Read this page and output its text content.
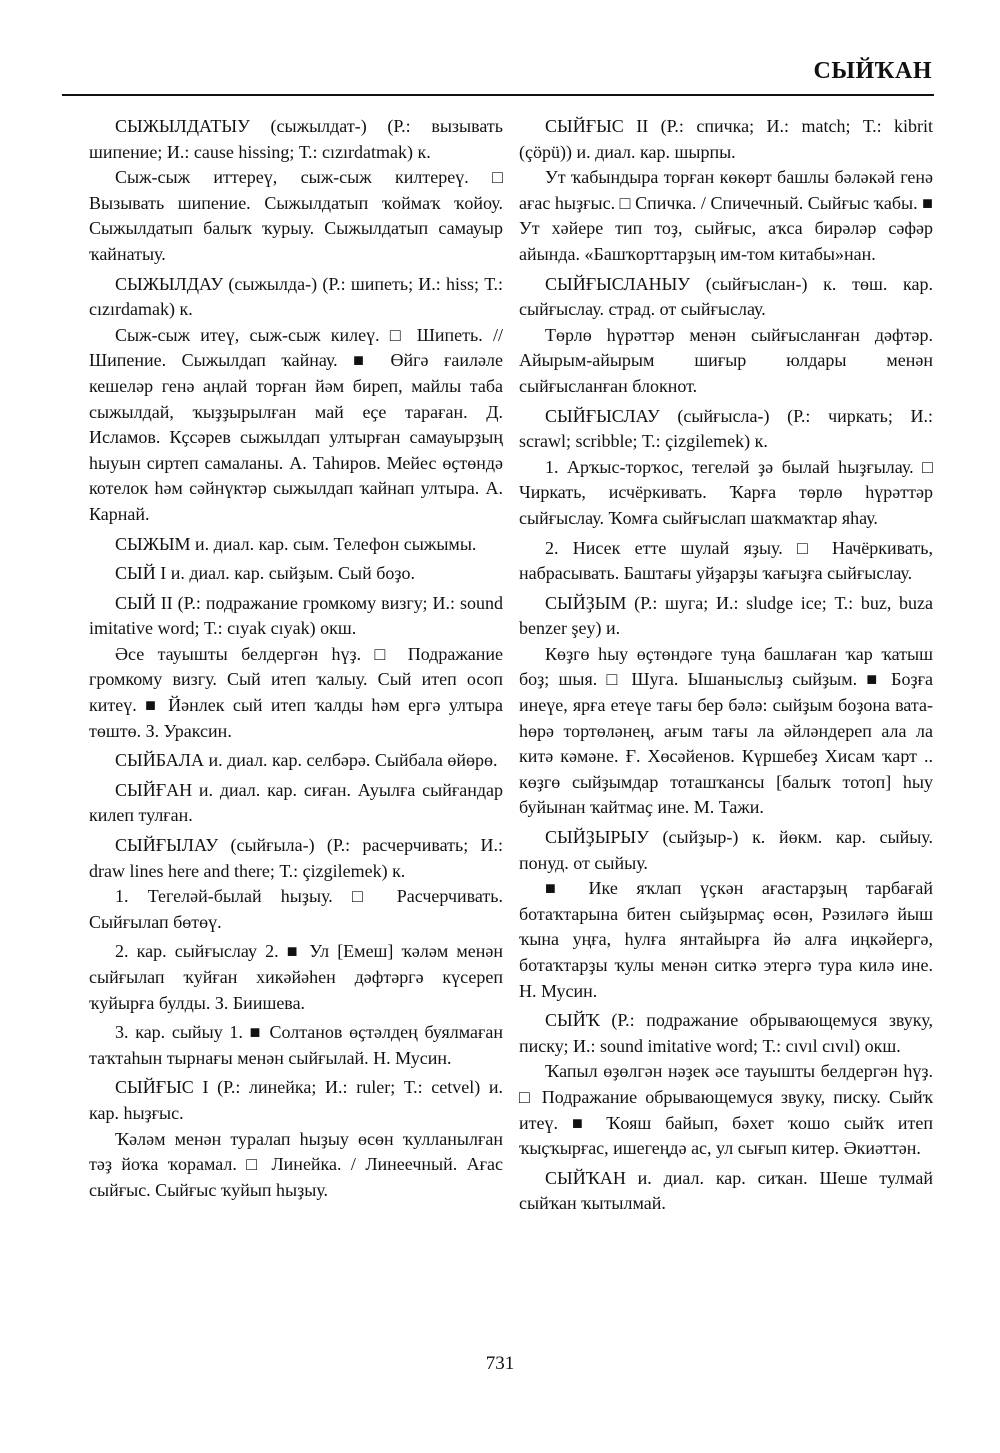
СЫЙҠАН

СЫЖЫЛДАТЫУ (сыжылдат-) (Р.: вызывать шипение; И.: cause hissing; Т.: cızırdatmak) к.

Сыж-сыж иттереү, сыж-сыж килтереү. □ Вызывать шипение. Сыжылдатып ҡоймаҡ ҡойоу. Сыжылдатып балыҡ ҡурыу. Сыжылдатып самауыр ҡайнатыу.

СЫЖЫЛДАУ (сыжылда-) (Р.: шипеть; И.: hiss; Т.: cızırdamak) к.

Сыж-сыж итеү, сыж-сыж килеү. □ Шипеть. // Шипение. Сыжылдап ҡайнау. ■ Өйгә ғаиләле кешеләр генә аңлай торған йәм биреп, майлы таба сыжылдай, ҡыҙҙырылған май еҫе тараған. Д. Исламов. Кҫсәрев сыжылдап ултырған самауырҙың һыуын сиртеп самаланы. А. Таһиров. Мейес өҫтөндә котелок һәм сәйнүктәр сыжылдап ҡайнап ултыра. А. Карнай.

СЫЖЫМ и. диал. кар. сым. Телефон сыжымы.

СЫЙ I и. диал. кар. сыйҙым. Сый боҙо.

СЫЙ II (Р.: подражание громкому визгу; И.: sound imitative word; Т.: cıyak cıyak) окш.

Әсе тауышты белдергән һүҙ. □ Подражание громкому визгу. Сый итеп ҡалыу. Сый итеп осоп китеү. ■ Йәнлек сый итеп ҡалды һәм ергә ултыра төштө. З. Ураксин.

СЫЙБАЛА и. диал. кар. селбәрә. Сыйбала өйөрө.

СЫЙҒАН и. диал. кар. сиған. Ауылға сыйғандар килеп тулған.

СЫЙҒЫЛАУ (сыйғыла-) (Р.: расчерчивать; И.: draw lines here and there; Т.: çizgilemek) к.

1. Тегеләй-былай һыҙыу. □ Расчерчивать. Сыйғылап бөтөү.

2. кар. сыйғыслау 2. ■ Ул [Емеш] ҡәләм менән сыйғылап ҡуйған хикәйәһен дәфтәргә күсереп ҡуйырға булды. З. Биишева.

3. кар. сыйыу 1. ■ Солтанов өҫтәлдең буялмаған таҡтаһын тырнағы менән сыйғылай. Н. Мусин.

СЫЙҒЫС I (Р.: линейка; И.: ruler; Т.: cetvel) и. кар. һыҙғыс.

Ҡәләм менән туралап һыҙыу өсөн ҡулланылған тәҙ йоҡа ҡорамал. □ Линейка. / Линеечный. Ағас сыйғыс. Сыйғыс ҡуйып һыҙыу.

СЫЙҒЫС II (Р.: спичка; И.: match; Т.: kibrit (çöpü)) и. диал. кар. шырпы.

Ут ҡабындыра торған көкөрт башлы бәләкәй генә ағас һыҙғыс. □ Спичка. / Спичечный. Сыйғыс ҡабы. ■ Ут хәйере тип тоҙ, сыйғыс, аҡса бирәләр сәфәр айында. «Башҡорттарҙың им-том китабы»нан.

СЫЙҒЫСЛАНЫУ (сыйғыслан-) к. төш. кар. сыйғыслау. страд. от сыйғыслау.

Төрлө һүрәттәр менән сыйғысланған дәфтәр. Айырым-айырым шиғыр юлдары менән сыйғысланған блокнот.

СЫЙҒЫСЛАУ (сыйғысла-) (Р.: чиркать; И.: scrawl; scribble; Т.: çizgilemek) к.

1. Арҡыс-торҡос, тегеләй ҙә былай һыҙғылау. □ Чиркать, исчёркивать. Ҡарға төрлө һүрәттәр сыйғыслау. Ҡомға сыйғыслап шаҡмаҡтар яһау.

2. Нисек етте шулай яҙыу. □ Начёркивать, набрасывать. Баштағы уйҙарҙы ҡағыҙға сыйғыслау.

СЫЙҘЫМ (Р.: шуга; И.: sludge ice; Т.: buz, buza benzer şey) и.

Көҙгө һыу өҫтөндәге туңа башлаған ҡар ҡатыш боҙ; шыя. □ Шуга. Ышаныслыҙ сыйҙым. ■ Боҙға инеүе, ярға етеүе тағы бер бәлә: сыйҙым боҙона вата-һөрә тортөләнең, ағым тағы ла әйләндереп ала ла китә кәмәне. Ғ. Хөсәйенов. Күршебеҙ Хисам ҡарт .. көҙгө сыйҙымдар тоташҡансы [балыҡ тотоп] һыу буйынан ҡайтмаҫ ине. М. Тажи.

СЫЙҘЫРЫУ (сыйҙыр-) к. йөкм. кар. сыйыу. понуд. от сыйыу.

■ Ике яҡлап үҫкән ағастарҙың тарбағай ботаҡтарына битен сыйҙырмаҫ өсөн, Рәзиләгә йыш ҡына уңға, һулға янтайырға йә алға иңкәйергә, ботаҡтарҙы ҡулы менән ситкә этергә тура килә ине. Н. Мусин.

СЫЙҠ (Р.: подражание обрывающемуся звуку, писку; И.: sound imitative word; Т.: cıvıl cıvıl) окш.

Ҡапыл өҙөлгән нәҙек әсе тауышты белдергән һүҙ. □ Подражание обрывающемуся звуку, писку. Сыйҡ итеү. ■ Ҡояш байып, бәхет ҡошо сыйҡ итеп ҡыҫҡырғас, ишегеңдә ас, ул сығып китер. Әкиәттән.

СЫЙҠАН и. диал. кар. сиҡан. Шеше тулмай сыйҡан ҡытылмай.

731
